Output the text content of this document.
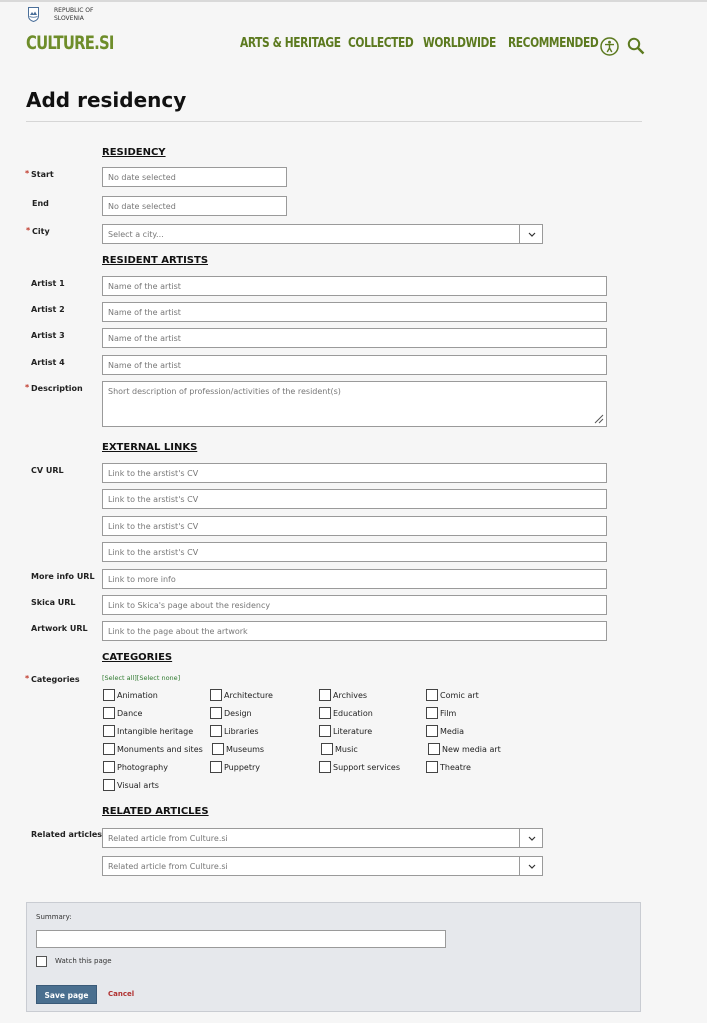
REPUBLIC OF SLOVENIA
CULTURE.SI	ARTS & HERITAGE COLLECTED WORLDWIDE RECOMMENDED
Add residency
RESIDENCY
* Start	No date selected
End	No date selected
* City	Select a city...
RESIDENT ARTISTS
Artist 1	Name of the artist
Artist 2	Name of the artist
Artist 3	Name of the artist
Artist 4	Name of the artist
* Description	Short description of profession/activities of the resident(s)
EXTERNAL LINKS
CV URL	Link to the arstist's CV
Link to the arstist's CV
Link to the arstist's CV
Link to the arstist's CV
More info URL	Link to more info
Skica URL	Link to Skica's page about the residency
Artwork URL	Link to the page about the artwork
CATEGORIES
* Categories	[Select all][Select none]
Animation	Architecture	Archives	Comic art
Dance	Design	Education	Film
Intangible heritage	Libraries	Literature	Media
Monuments and sites	Museums	Music	New media art
Photography	Puppetry	Support services	Theatre
Visual arts
RELATED ARTICLES
Related articles Related article from Culture.si
Related article from Culture.si
Summary:
Watch this page
Save page	Cancel
